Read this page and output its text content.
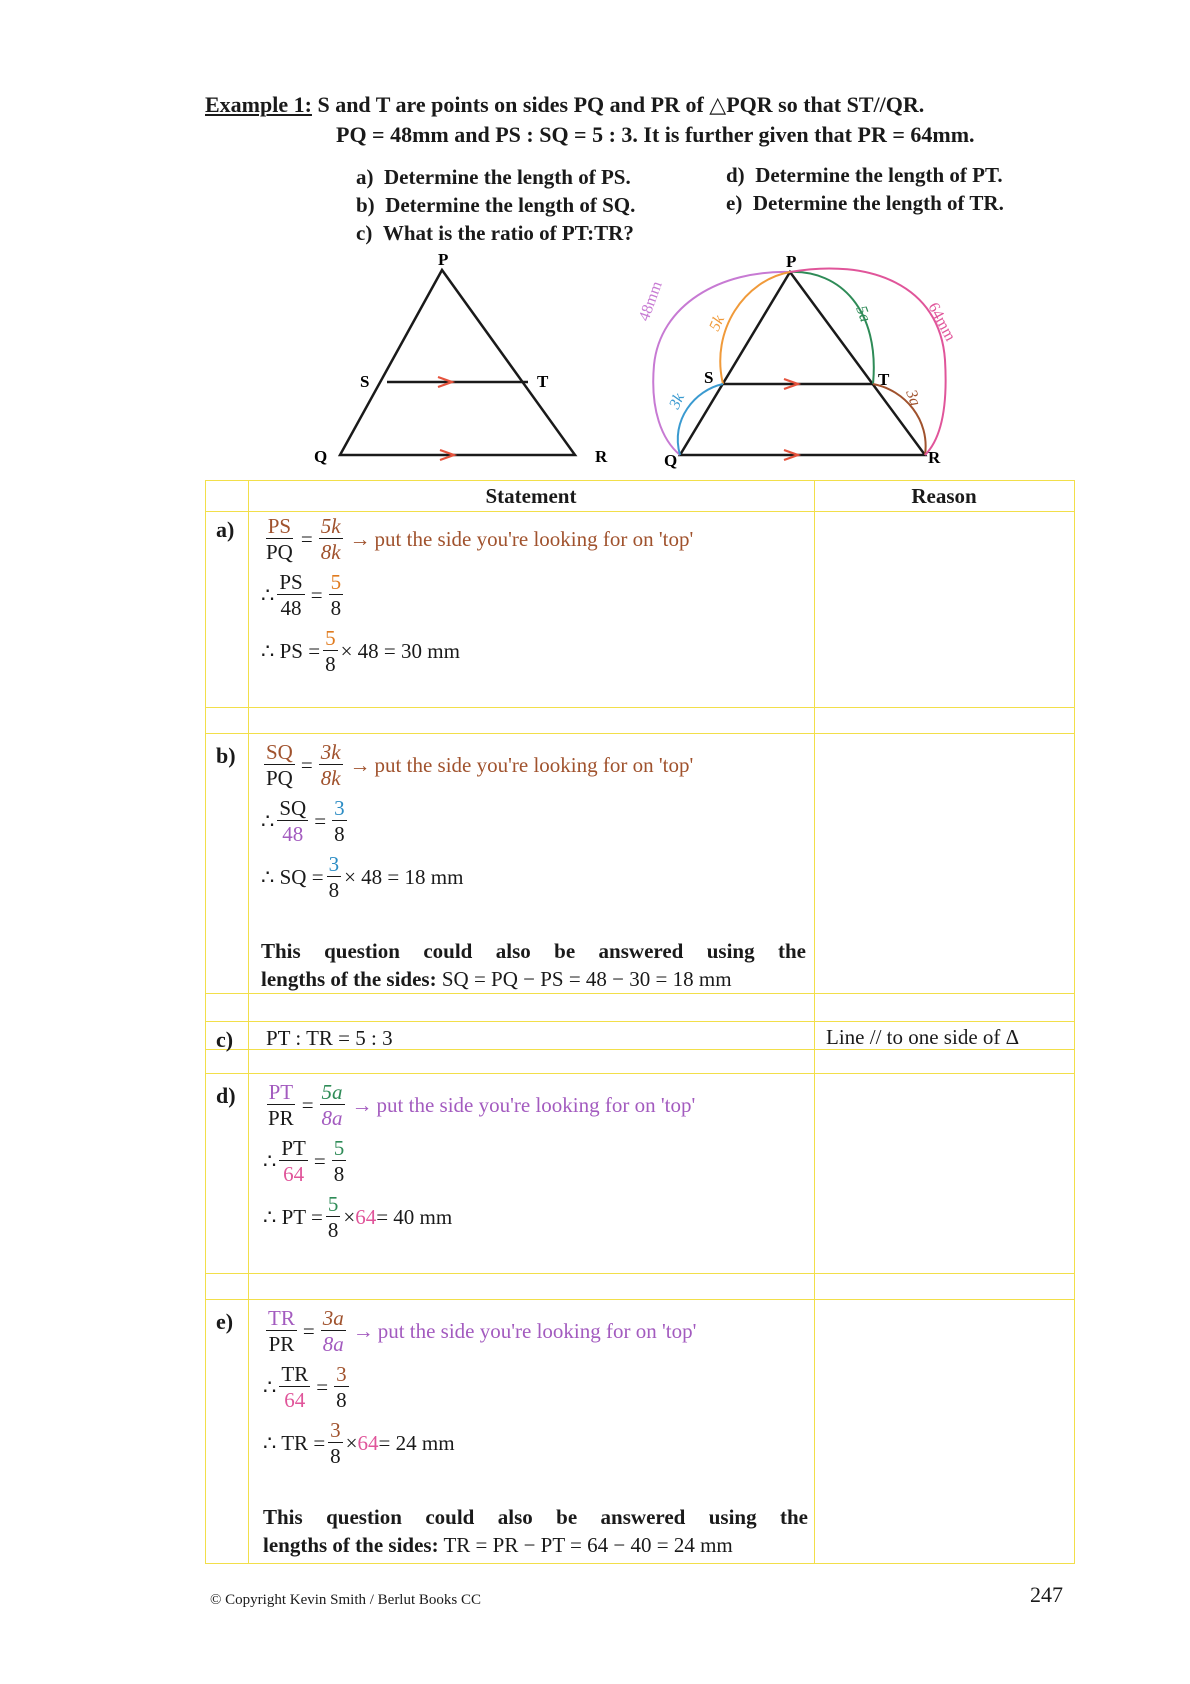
Example 1: S and T are points on sides PQ and PR of △PQR so that ST//QR.
PQ = 48mm and PS : SQ = 5 : 3. It is further given that PR = 64mm.
a) Determine the length of PS.
b) Determine the length of SQ.
c) What is the ratio of PT:TR?
d) Determine the length of PT.
e) Determine the length of TR.
P
S	T
Q	R
P
S	T
Q	R
48mm	5k
3k
5a
3a
64mm
Statement	Reason
$a) \frac{PS}{PQ} = \frac{5k}{8k}$ → put the side you're looking for on 'top'
∴ $\frac{PS}{48} = \frac{5}{8}$
∴ PS = $\frac{5}{8} \times 48 = 30$ mm
$b) \frac{SQ}{PQ} = \frac{3k}{8k}$ → put the side you're looking for on 'top'
∴ $\frac{SQ}{48} = \frac{3}{8}$
∴ SQ = $\frac{3}{8} \times 48 = 18$ mm
This question could also be answered using the
lengths of the sides: SQ = PQ − PS = 48 − 30 = 18 mm
c) PT : TR = 5 : 3	Line // to one side of Δ
$d) \frac{PT}{PR} = \frac{5a}{8a}$ → put the side you're looking for on 'top'
∴ $\frac{PT}{64} = \frac{5}{8}$
∴ PT = $\frac{5}{8} \times 64 = 40$ mm
$e) \frac{TR}{PR} = \frac{3a}{8a}$ → put the side you're looking for on 'top'
∴ $\frac{TR}{64} = \frac{3}{8}$
∴ TR = $\frac{3}{8} \times 64 = 24$ mm
This question could also be answered using the
lengths of the sides: TR = PR − PT = 64 − 40 = 24 mm
© Copyright Kevin Smith / Berlut Books CC	247
